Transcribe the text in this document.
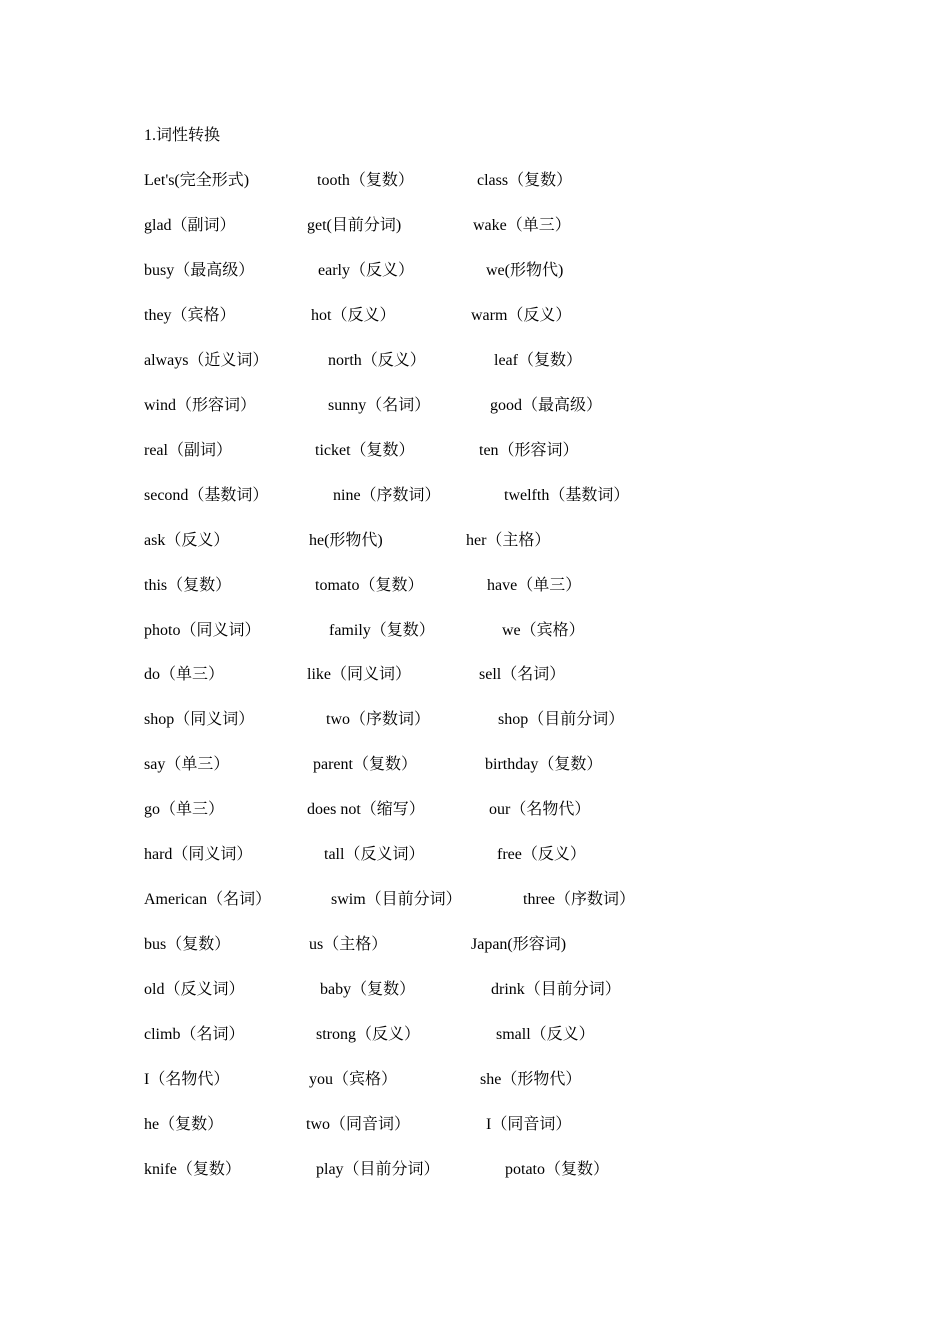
1.词性转换
Let's(完全形式)	tooth（复数）	class（复数）
glad（副词）	get(目前分词)	wake（单三）
busy（最高级）	early（反义）	we(形物代)
they（宾格）	hot（反义）	warm（反义）
always（近义词）	north（反义）	leaf（复数）
wind（形容词）	sunny（名词）	good（最高级）
real（副词）	ticket（复数）	ten（形容词）
second（基数词）	nine（序数词）	twelfth（基数词）
ask（反义）	he(形物代)	her（主格）
this（复数）	tomato（复数）	have（单三）
photo（同义词）	family（复数）	we（宾格）
do（单三）	like（同义词）	sell（名词）
shop（同义词）	two（序数词）	shop（目前分词）
say（单三）	parent（复数）	birthday（复数）
go（单三）	does not（缩写）	our（名物代）
hard（同义词）	tall（反义词）	free（反义）
American（名词）	swim（目前分词）	three（序数词）
bus（复数）	us（主格）	Japan(形容词)
old（反义词）	baby（复数）	drink（目前分词）
climb（名词）	strong（反义）	small（反义）
I（名物代）	you（宾格）	she（形物代）
he（复数）	two（同音词）	I（同音词）
knife（复数）	play（目前分词）	potato（复数）
